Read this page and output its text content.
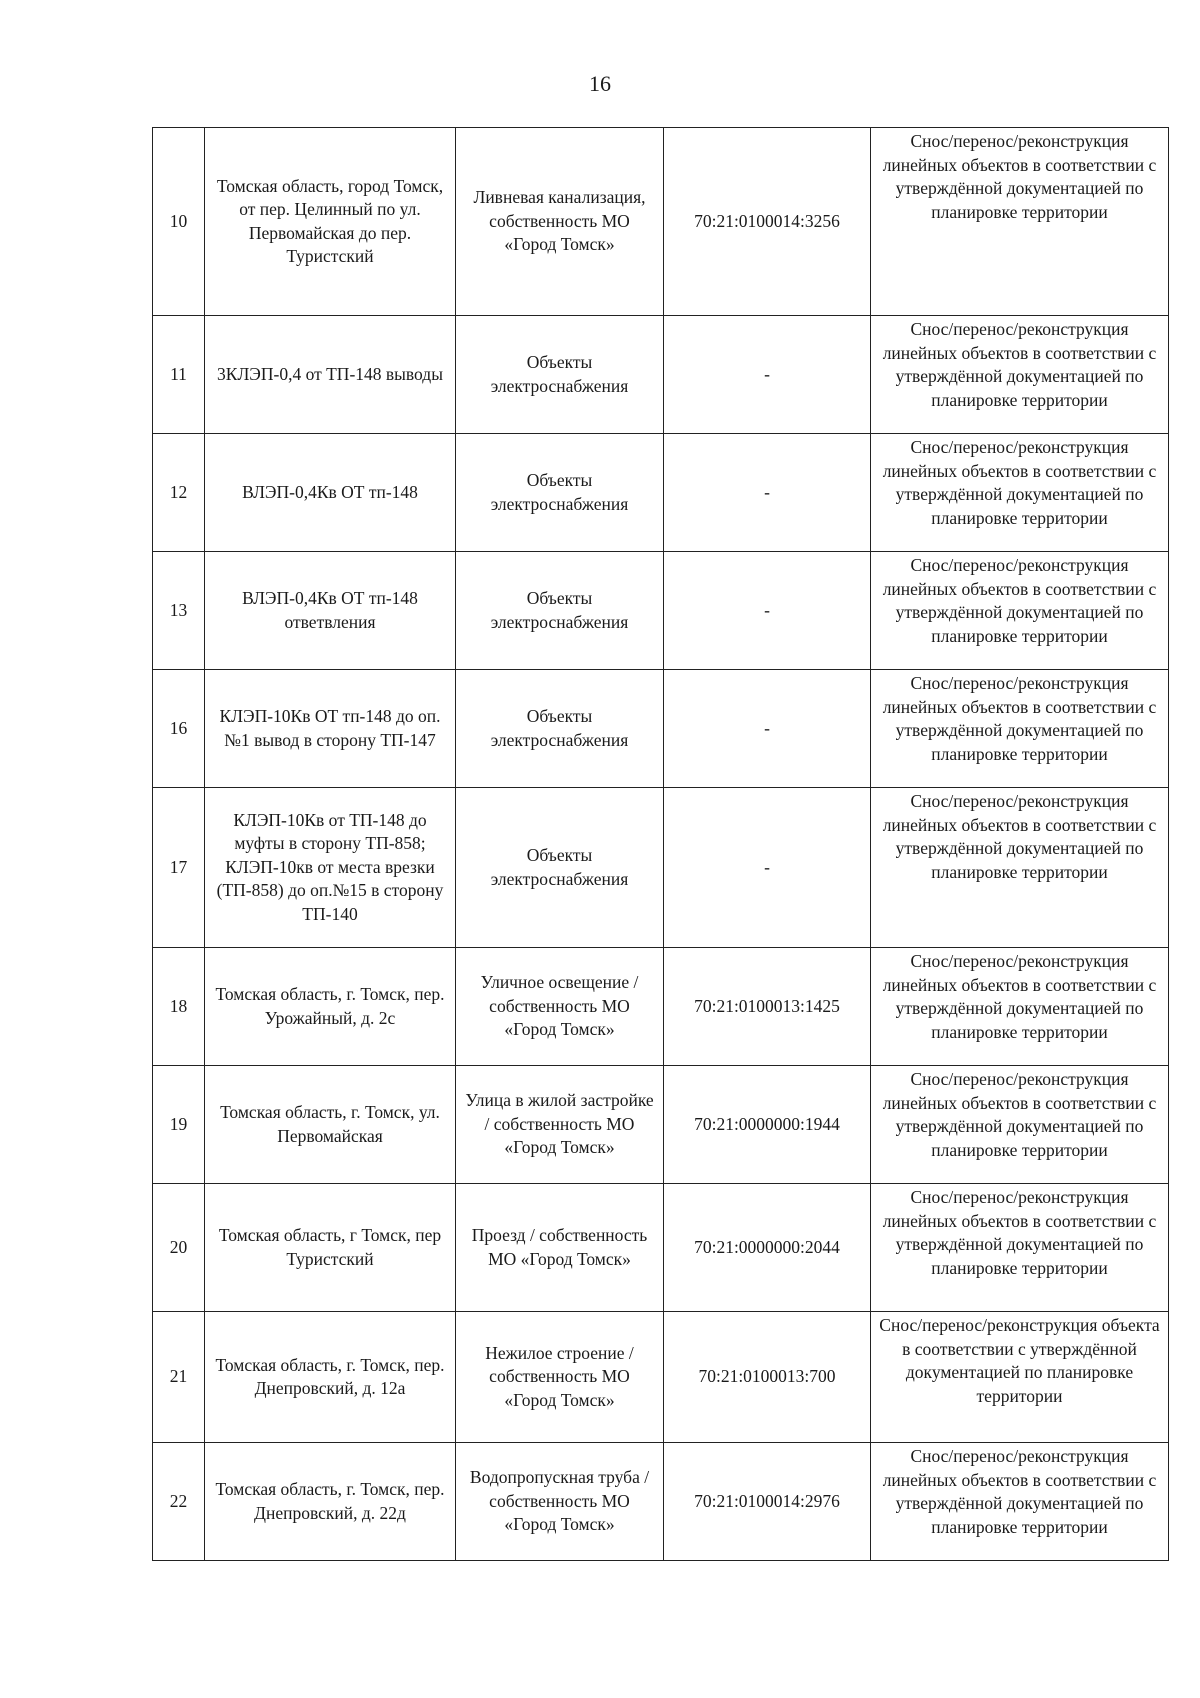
16
10	Томская область, город Томск, от пер. Целинный по ул. Первомайская до пер. Туристский	Ливневая канализация, собственность МО «Город Томск»	70:21:0100014:3256	Снос/перенос/реконструкция линейных объектов в соответствии с утверждённой документацией по планировке территории
11	3КЛЭП-0,4 от ТП-148 выводы	Объекты электроснабжения	-	Снос/перенос/реконструкция линейных объектов в соответствии с утверждённой документацией по планировке территории
12	ВЛЭП-0,4Кв ОТ тп-148	Объекты электроснабжения	-	Снос/перенос/реконструкция линейных объектов в соответствии с утверждённой документацией по планировке территории
13	ВЛЭП-0,4Кв ОТ тп-148 ответвления	Объекты электроснабжения	-	Снос/перенос/реконструкция линейных объектов в соответствии с утверждённой документацией по планировке территории
16	КЛЭП-10Кв ОТ тп-148 до оп. №1 вывод в сторону ТП-147	Объекты электроснабжения	-	Снос/перенос/реконструкция линейных объектов в соответствии с утверждённой документацией по планировке территории
17	КЛЭП-10Кв от ТП-148 до муфты в сторону ТП-858; КЛЭП-10кв от места врезки (ТП-858) до оп.№15 в сторону ТП-140	Объекты электроснабжения	-	Снос/перенос/реконструкция линейных объектов в соответствии с утверждённой документацией по планировке территории
18	Томская область, г. Томск, пер. Урожайный, д. 2с	Уличное освещение / собственность МО «Город Томск»	70:21:0100013:1425	Снос/перенос/реконструкция линейных объектов в соответствии с утверждённой документацией по планировке территории
19	Томская область, г. Томск, ул. Первомайская	Улица в жилой застройке / собственность МО «Город Томск»	70:21:0000000:1944	Снос/перенос/реконструкция линейных объектов в соответствии с утверждённой документацией по планировке территории
20	Томская область, г Томск, пер Туристский	Проезд / собственность МО «Город Томск»	70:21:0000000:2044	Снос/перенос/реконструкция линейных объектов в соответствии с утверждённой документацией по планировке территории
21	Томская область, г. Томск, пер. Днепровский, д. 12а	Нежилое строение / собственность МО «Город Томск»	70:21:0100013:700	Снос/перенос/реконструкция объекта в соответствии с утверждённой документацией по планировке территории
22	Томская область, г. Томск, пер. Днепровский, д. 22д	Водопропускная труба / собственность МО «Город Томск»	70:21:0100014:2976	Снос/перенос/реконструкция линейных объектов в соответствии с утверждённой документацией по планировке территории
